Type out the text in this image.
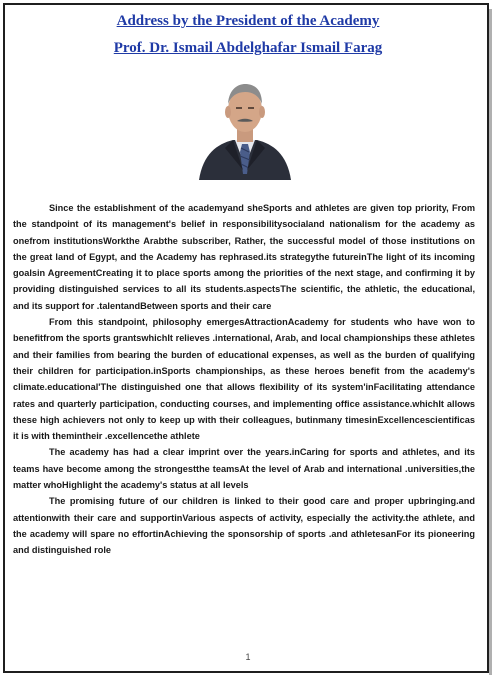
Address by the President of the Academy
Prof. Dr. Ismail Abdelghafar Ismail Farag

Since the establishment of the academyand sheSports and athletes are given top priority, From the standpoint of its management's belief in responsibilitysocialand nationalism for the academy as onefrom institutionsWorkthe Arabthe subscriber, Rather, the successful model of those institutions on the great land of Egypt, and the Academy has rephrased.its strategythe futureinThe light of its incoming goalsin AgreementCreating it to place sports among the priorities of the next stage, and confirming it by providing distinguished services to all its students.aspectsThe scientific, the athletic, the educational, and its support for .talentandBetween sports and their care

From this standpoint, philosophy emergesAttractionAcademy for students who have won to benefitfrom the sports grantswhichIt relieves .international, Arab, and local championships these athletes and their families from bearing the burden of educational expenses, as well as the burden of qualifying their children for participation.inSports championships, as these heroes benefit from the academy's climate.educational'The distinguished one that allows flexibility of its system'inFacilitating attendance rates and quarterly participation, conducting courses, and implementing office assistance.whichIt allows these high achievers not only to keep up with their colleagues, butinmany timesinExcellencescientificas it is with themintheir .excellencethe athlete

The academy has had a clear imprint over the years.inCaring for sports and athletes, and its teams have become among the strongestthe teamsAt the level of Arab and international .universities,the matter whoHighlight the academy's status at all levels

The promising future of our children is linked to their good care and proper upbringing.and attentionwith their care and supportinVarious aspects of activity, especially the activity.the athlete, and the academy will spare no effortinAchieving the sponsorship of sports .and athletesanFor its pioneering and distinguished role

1
